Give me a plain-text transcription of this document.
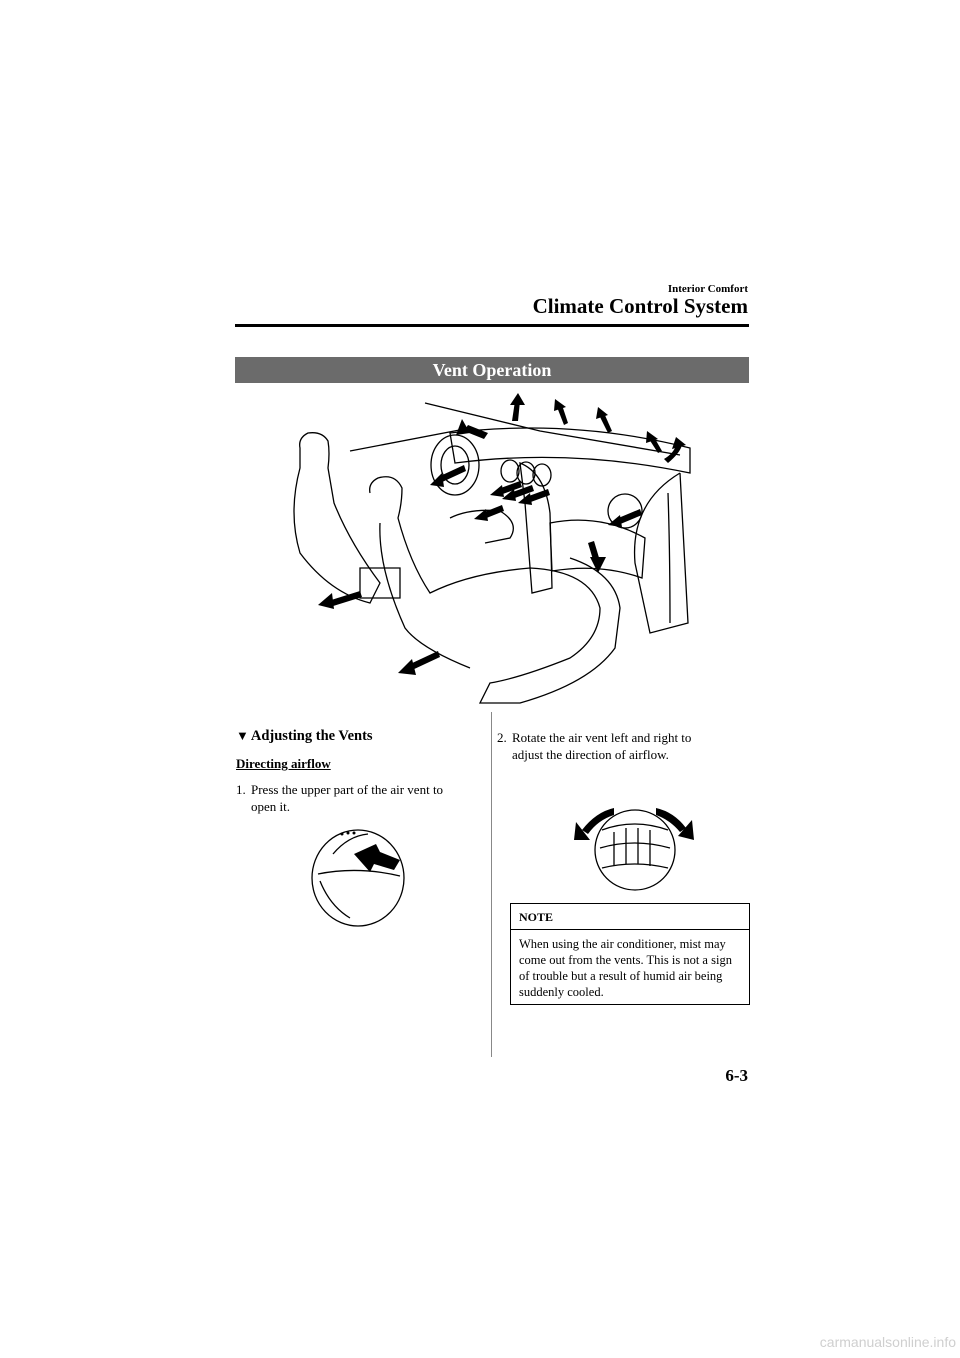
Interior Comfort
Climate Control System
Vent Operation
▼ Adjusting the Vents
Directing airflow
1. Press the upper part of the air vent to
open it.
2. Rotate the air vent left and right to
adjust the direction of airflow.
NOTE
When using the air conditioner, mist may come out from the vents. This is not a sign of trouble but a result of humid air being suddenly cooled.
6-3
carmanualsonline.info
